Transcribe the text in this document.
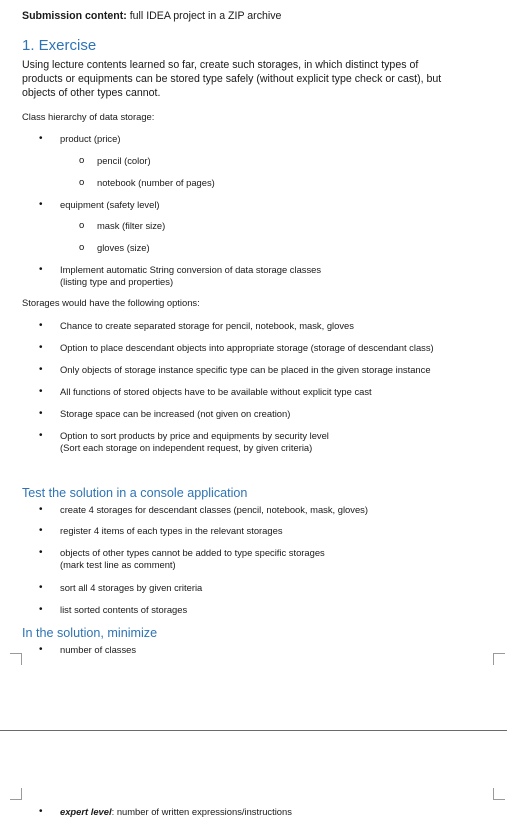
Submission content: full IDEA project in a ZIP archive
1. Exercise
Using lecture contents learned so far, create such storages, in which distinct types of
products or equipments can be stored type safely (without explicit type check or cast), but
objects of other types cannot.
Class hierarchy of data storage:
• product (price)
o pencil (color)
o notebook (number of pages)
• equipment (safety level)
o mask (filter size)
o gloves (size)
• Implement automatic String conversion of data storage classes
(listing type and properties)
Storages would have the following options:
• Chance to create separated storage for pencil, notebook, mask, gloves
• Option to place descendant objects into appropriate storage (storage of descendant class)
• Only objects of storage instance specific type can be placed in the given storage instance
• All functions of stored objects have to be available without explicit type cast
• Storage space can be increased (not given on creation)
• Option to sort products by price and equipments by security level
(Sort each storage on independent request, by given criteria)
Test the solution in a console application
• create 4 storages for descendant classes (pencil, notebook, mask, gloves)
• register 4 items of each types in the relevant storages
• objects of other types cannot be added to type specific storages
(mark test line as comment)
• sort all 4 storages by given criteria
• list sorted contents of storages
In the solution, minimize
• number of classes
• expert level: number of written expressions/instructions
